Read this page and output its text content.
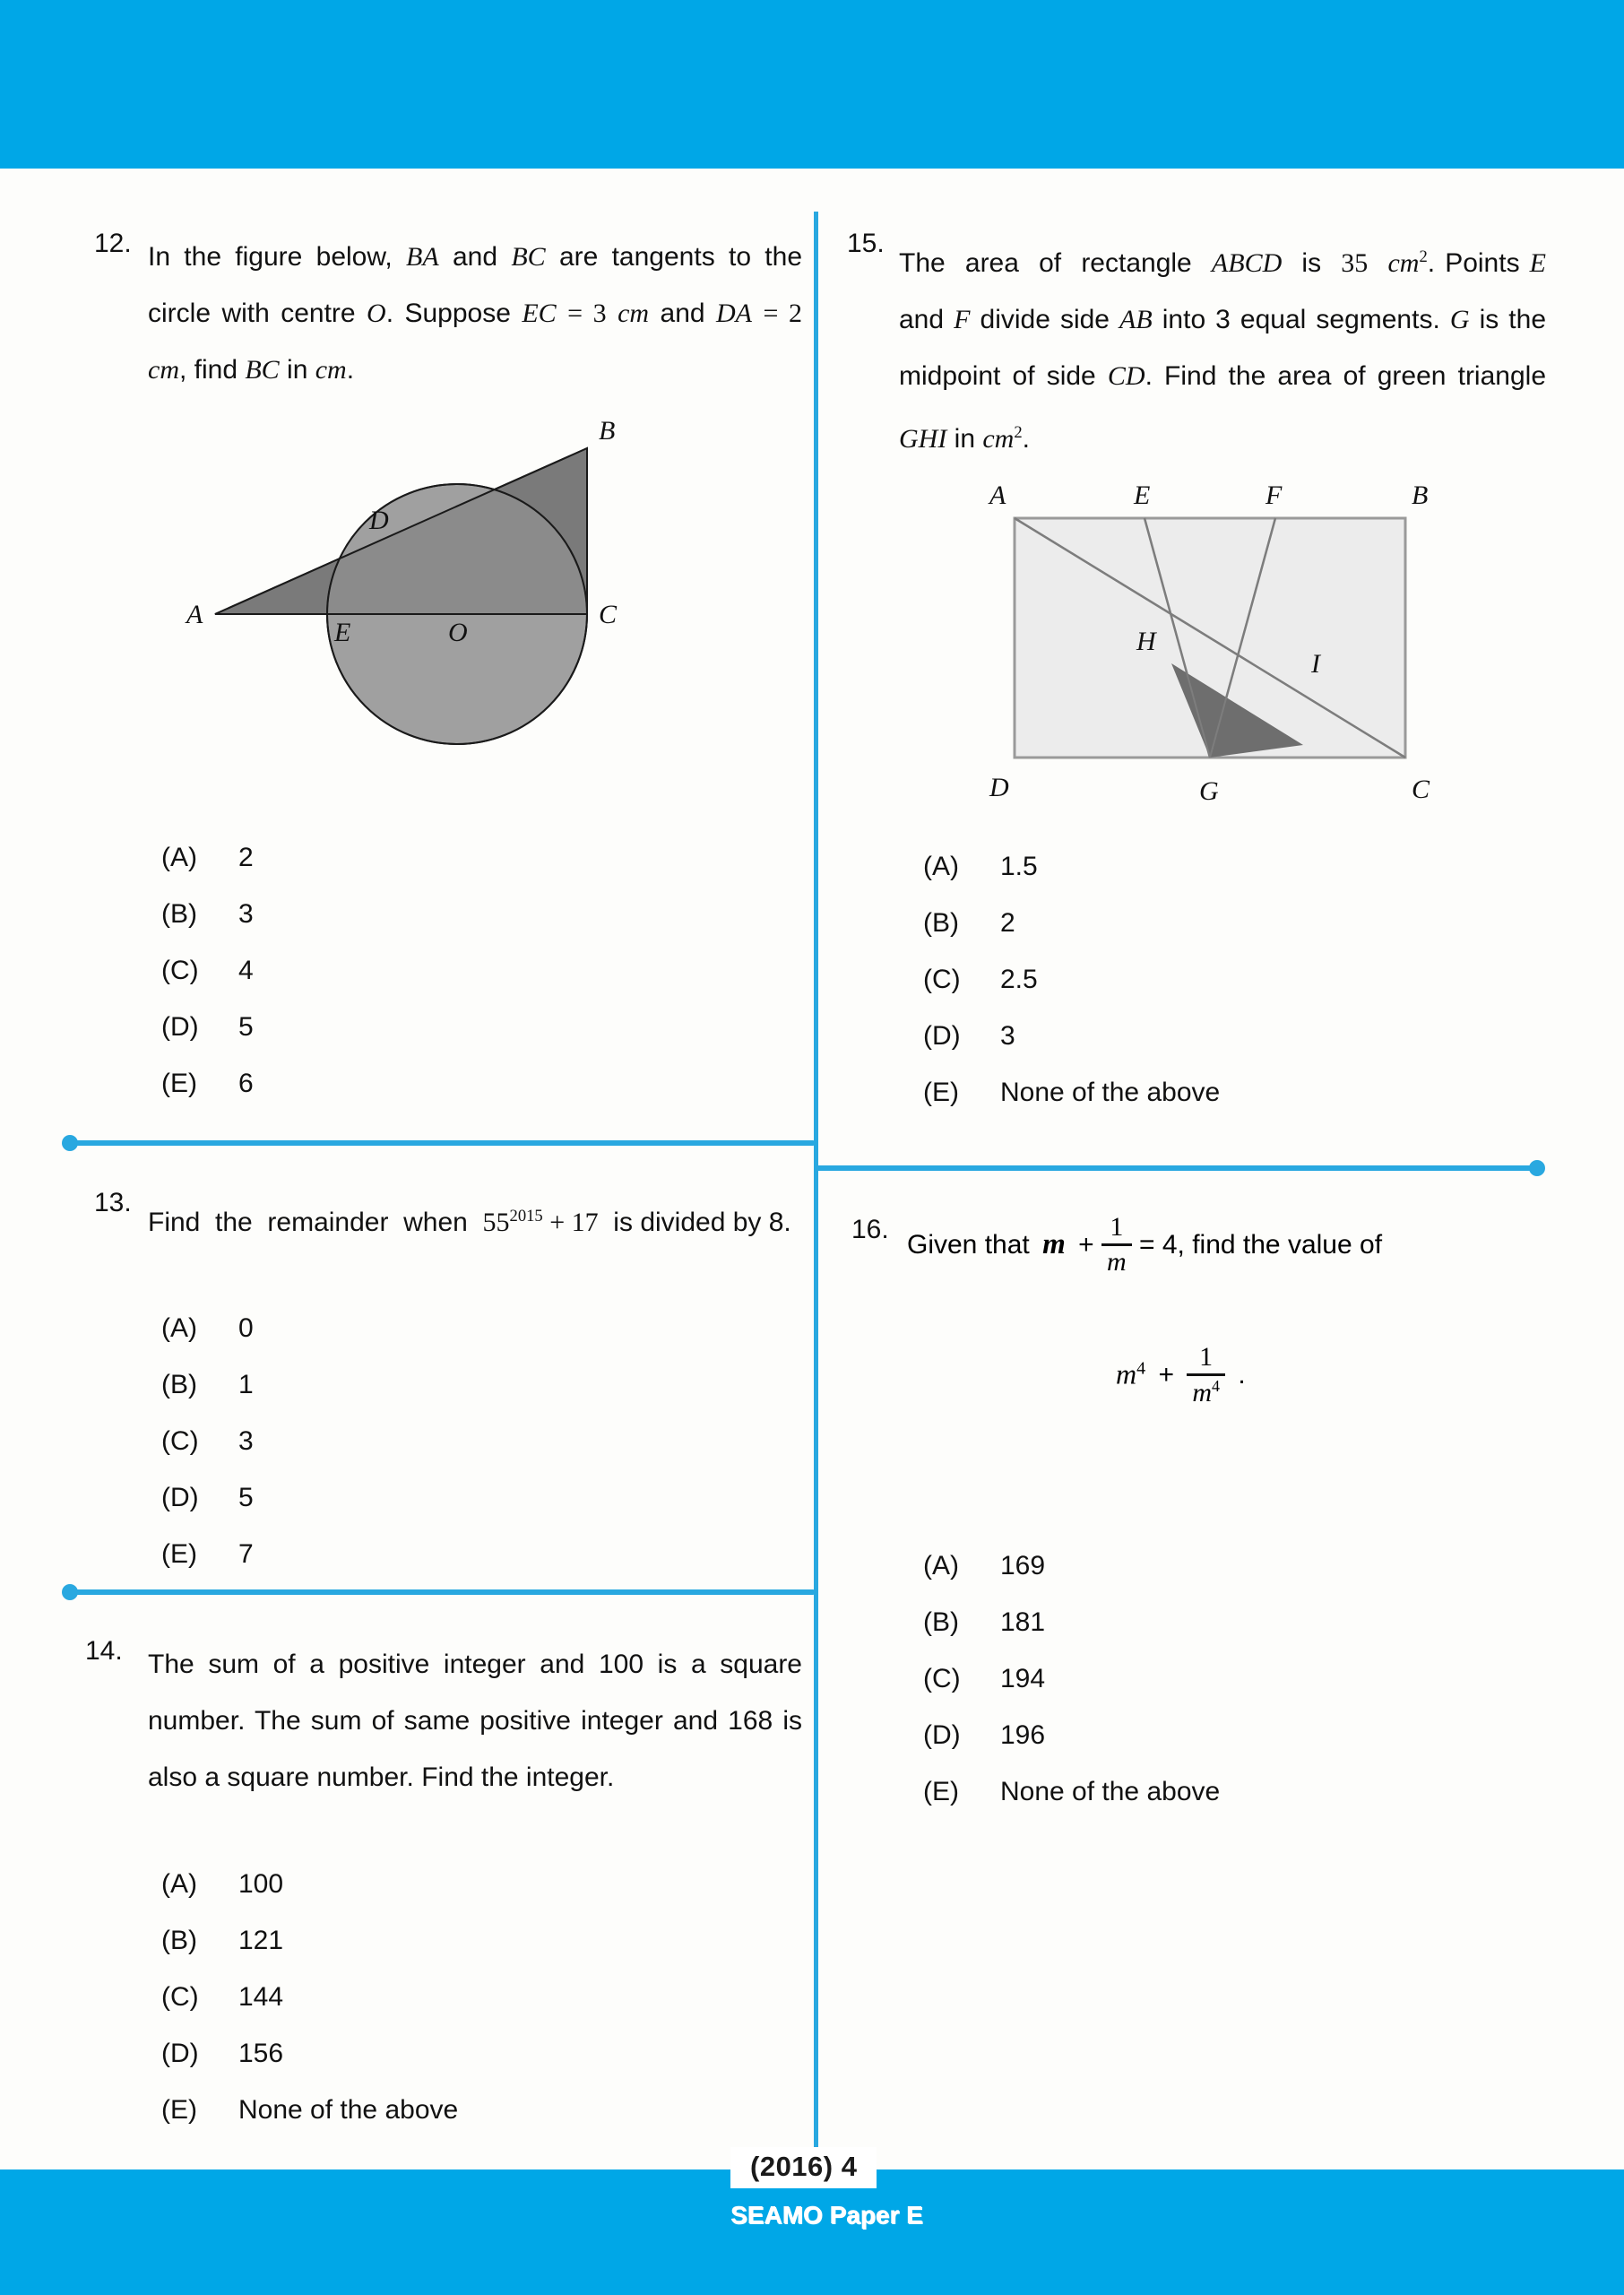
12. In the figure below, BA and BC are tangents to the circle with centre O. Suppose EC = 3 cm and DA = 2 cm, find BC in cm.
A
B
C
D
E	O
(A) 2
(B) 3
(C) 4
(D) 5
(E) 6
13.
Find  the  remainder  when  $55^{2015} + 17$  is divided by 8.
(A) 0
(B) 1
(C) 3
(D) 5
(E) 7
14. The sum of a positive integer and 100 is a square number. The sum of same positive integer and 168 is also a square number. Find the integer.
(A) 100
(B) 121
(C) 144
(D) 156
(E) None of the above
15.
The  area  of  rectangle  ABCD  is  35 $cm^2$. Points E and F divide side AB into 3 equal segments. G is the midpoint of side CD. Find the area of green triangle GHI in $cm^2$.
A	E	F	B
H
I
D	G	C
(A) 1.5
(B) 2
(C) 2.5
(D) 3
(E) None of the above
16.
Given that $m + \frac{1}{m} = 4$, find the value of
$m^4 + \frac{1}{m^4}$ .
(A) 169
(B) 181
(C) 194
(D) 196
(E) None of the above
(2016) 4
SEAMO Paper E
